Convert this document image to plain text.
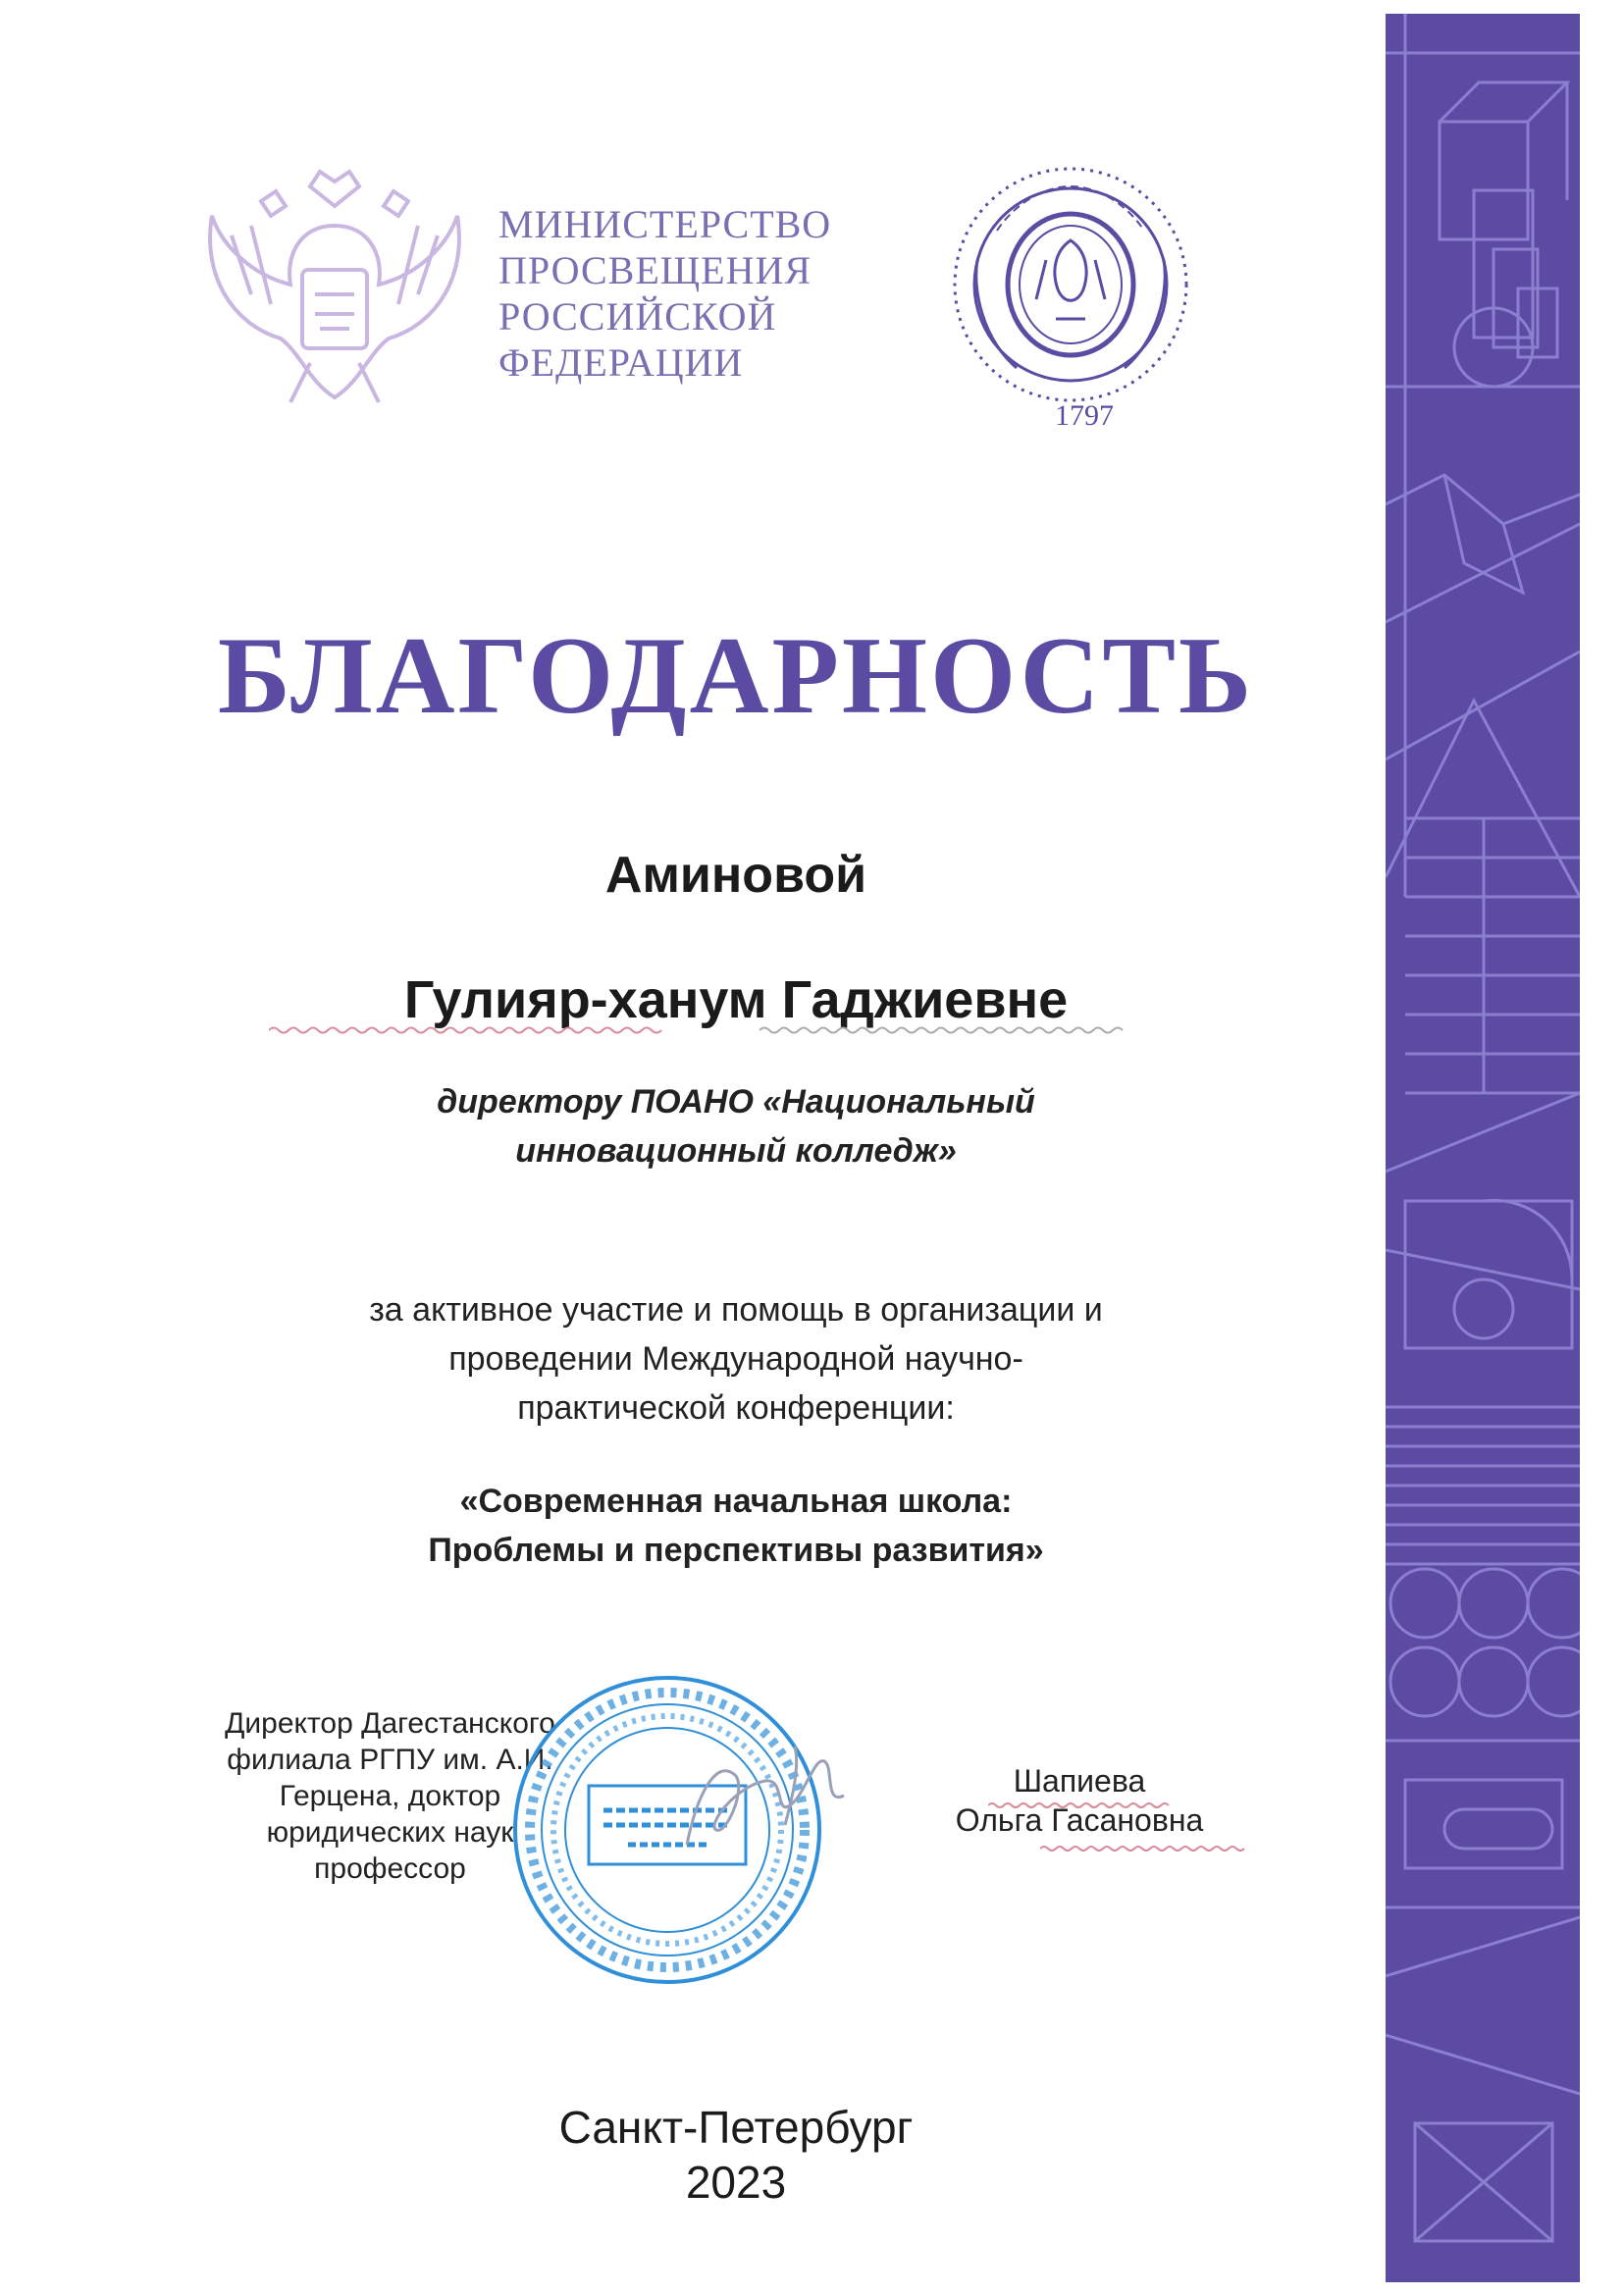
МИНИСТЕРСТВО
ПРОСВЕЩЕНИЯ
РОССИЙСКОЙ
ФЕДЕРАЦИИ
1797
БЛАГОДАРНОСТЬ
Аминовой
Гулияр-ханум Гаджиевне
директору ПОАНО «Национальный
инновационный колледж»
за активное участие и помощь в организации и
проведении Международной научно-
практической конференции:
«Современная начальная школа:
Проблемы и перспективы развития»
Директор Дагестанского
филиала РГПУ им. А.И.
Герцена, доктор
юридических наук
профессор
Шапиева
Ольга Гасановна
Санкт-Петербург
2023
